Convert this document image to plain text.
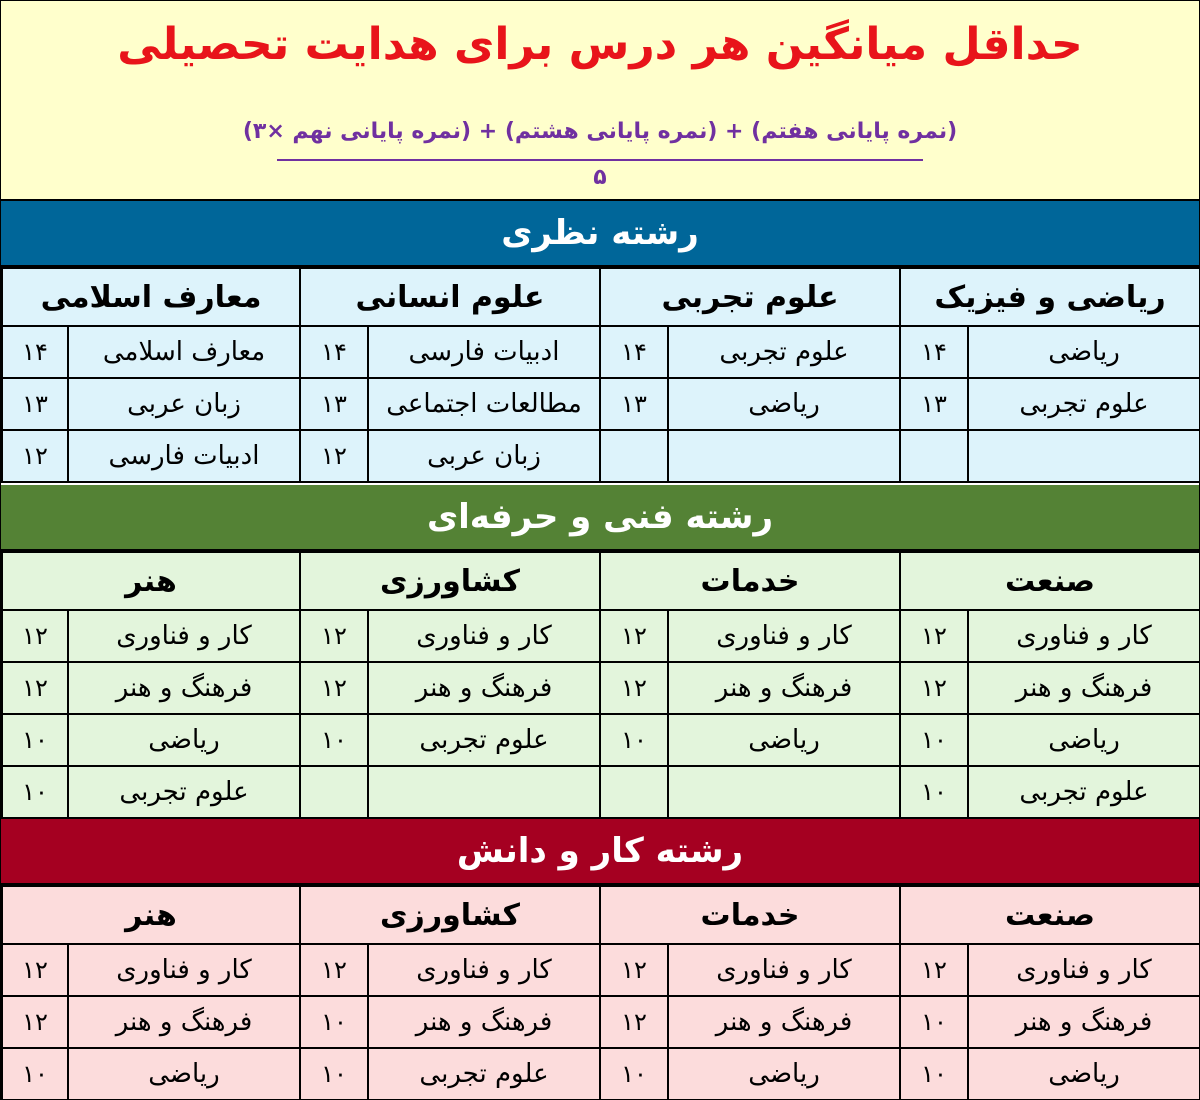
حداقل میانگین هر درس برای هدایت تحصیلی
(نمره پایانی هفتم) + (نمره پایانی هشتم) + (نمره پایانی نهم ×۳)
۵
رشته نظری
ریاضی و فیزیک		علوم تجربی		علوم انسانی		معارف اسلامی	
ریاضی	۱۴	علوم تجربی	۱۴	ادبیات فارسی	۱۴	معارف اسلامی	۱۴
علوم تجربی	۱۳	ریاضی	۱۳	مطالعات اجتماعی	۱۳	زبان عربی	۱۳
				زبان عربی	۱۲	ادبیات فارسی	۱۲
رشته فنی و حرفه‌ای
صنعت		خدمات		کشاورزی		هنر	
کار و فناوری	۱۲	کار و فناوری	۱۲	کار و فناوری	۱۲	کار و فناوری	۱۲
فرهنگ و هنر	۱۲	فرهنگ و هنر	۱۲	فرهنگ و هنر	۱۲	فرهنگ و هنر	۱۲
ریاضی	۱۰	ریاضی	۱۰	علوم تجربی	۱۰	ریاضی	۱۰
علوم تجربی	۱۰					علوم تجربی	۱۰
رشته کار و دانش
صنعت		خدمات		کشاورزی		هنر	
کار و فناوری	۱۲	کار و فناوری	۱۲	کار و فناوری	۱۲	کار و فناوری	۱۲
فرهنگ و هنر	۱۰	فرهنگ و هنر	۱۲	فرهنگ و هنر	۱۰	فرهنگ و هنر	۱۲
ریاضی	۱۰	ریاضی	۱۰	علوم تجربی	۱۰	ریاضی	۱۰
